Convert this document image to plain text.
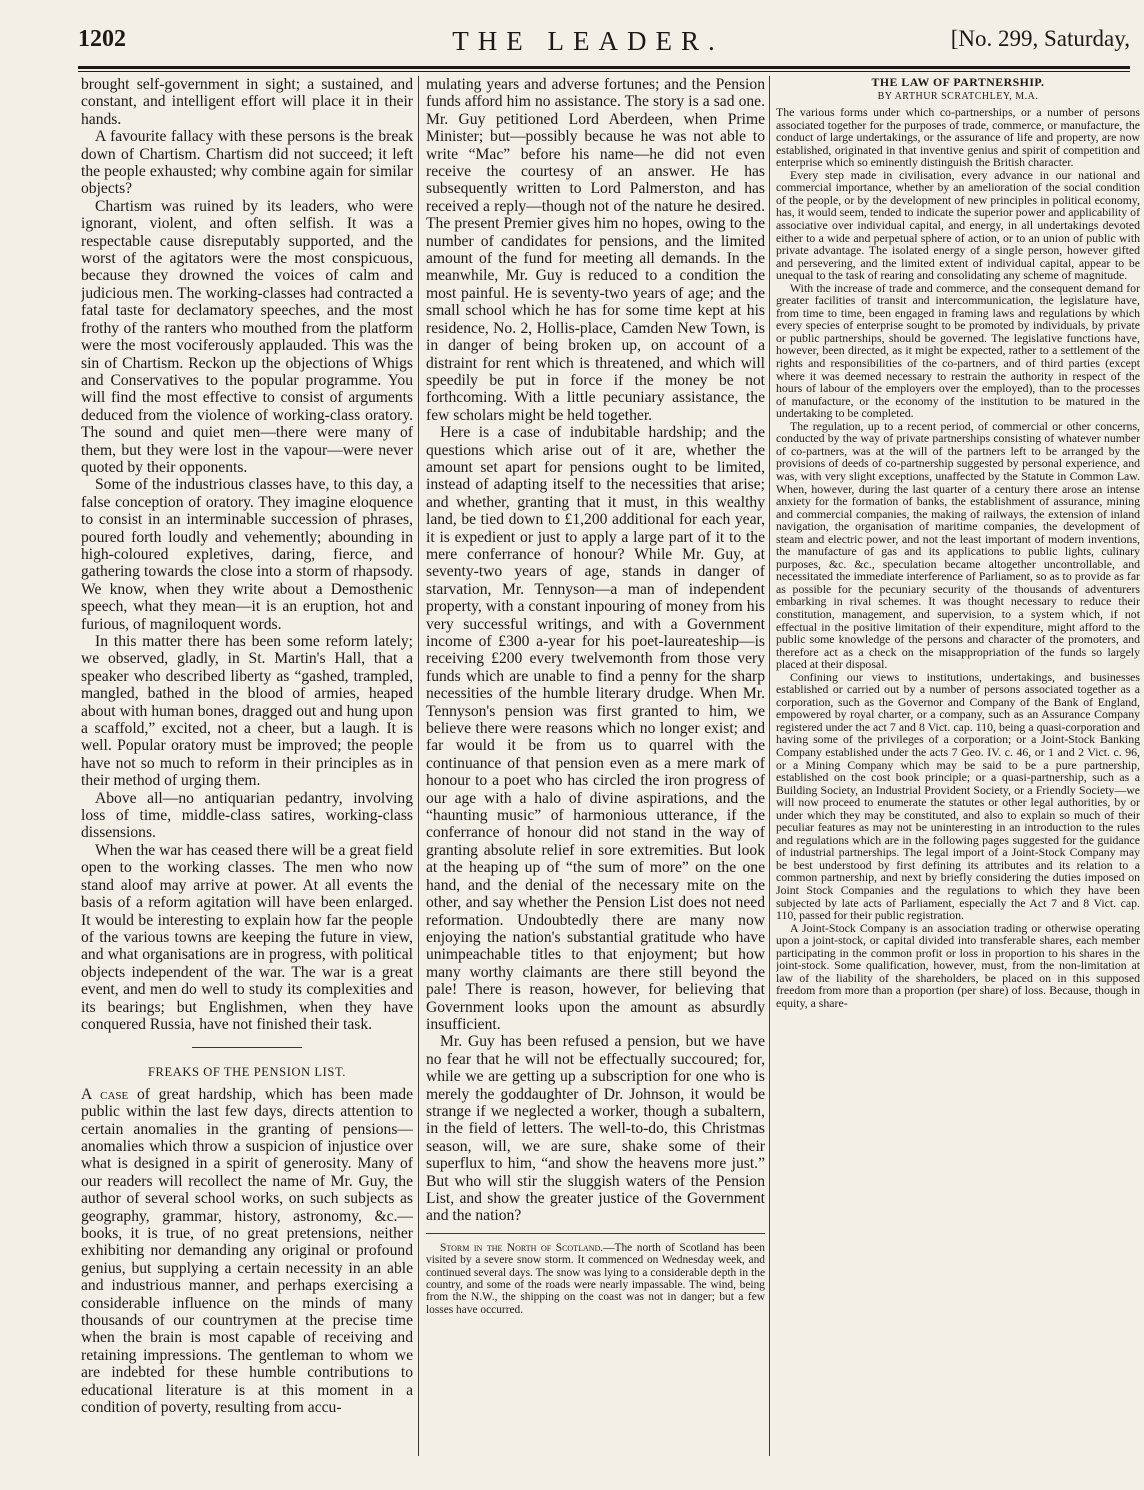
1202	THE LEADER.	[No. 299, Saturday,

brought self-government in sight; a sustained, and constant, and intelligent effort will place it in their hands.

A favourite fallacy with these persons is the break down of Chartism. Chartism did not succeed; it left the people exhausted; why combine again for similar objects?

Chartism was ruined by its leaders, who were ignorant, violent, and often selfish. It was a respectable cause disreputably supported, and the worst of the agitators were the most conspicuous, because they drowned the voices of calm and judicious men. The working-classes had contracted a fatal taste for declamatory speeches, and the most frothy of the ranters who mouthed from the platform were the most vociferously applauded. This was the sin of Chartism. Reckon up the objections of Whigs and Conservatives to the popular programme. You will find the most effective to consist of arguments deduced from the violence of working-class oratory. The sound and quiet men—there were many of them, but they were lost in the vapour—were never quoted by their opponents.

Some of the industrious classes have, to this day, a false conception of oratory. They imagine eloquence to consist in an interminable succession of phrases, poured forth loudly and vehemently; abounding in high-coloured expletives, daring, fierce, and gathering towards the close into a storm of rhapsody. We know, when they write about a Demosthenic speech, what they mean—it is an eruption, hot and furious, of magniloquent words.

In this matter there has been some reform lately; we observed, gladly, in St. Martin's Hall, that a speaker who described liberty as “gashed, trampled, mangled, bathed in the blood of armies, heaped about with human bones, dragged out and hung upon a scaffold,” excited, not a cheer, but a laugh. It is well. Popular oratory must be improved; the people have not so much to reform in their principles as in their method of urging them.

Above all—no antiquarian pedantry, involving loss of time, middle-class satires, working-class dissensions.

When the war has ceased there will be a great field open to the working classes. The men who now stand aloof may arrive at power. At all events the basis of a reform agitation will have been enlarged. It would be interesting to explain how far the people of the various towns are keeping the future in view, and what organisations are in progress, with political objects independent of the war. The war is a great event, and men do well to study its complexities and its bearings; but Englishmen, when they have conquered Russia, have not finished their task.

FREAKS OF THE PENSION LIST.

A case of great hardship, which has been made public within the last few days, directs attention to certain anomalies in the granting of pensions—anomalies which throw a suspicion of injustice over what is designed in a spirit of generosity. Many of our readers will recollect the name of Mr. Guy, the author of several school works, on such subjects as geography, grammar, history, astronomy, &c.—books, it is true, of no great pretensions, neither exhibiting nor demanding any original or profound genius, but supplying a certain necessity in an able and industrious manner, and perhaps exercising a considerable influence on the minds of many thousands of our countrymen at the precise time when the brain is most capable of receiving and retaining impressions. The gentleman to whom we are indebted for these humble contributions to educational literature is at this moment in a condition of poverty, resulting from accu-

mulating years and adverse fortunes; and the Pension funds afford him no assistance. The story is a sad one. Mr. Guy petitioned Lord Aberdeen, when Prime Minister; but—possibly because he was not able to write “Mac” before his name—he did not even receive the courtesy of an answer. He has subsequently written to Lord Palmerston, and has received a reply—though not of the nature he desired. The present Premier gives him no hopes, owing to the number of candidates for pensions, and the limited amount of the fund for meeting all demands. In the meanwhile, Mr. Guy is reduced to a condition the most painful. He is seventy-two years of age; and the small school which he has for some time kept at his residence, No. 2, Hollis-place, Camden New Town, is in danger of being broken up, on account of a distraint for rent which is threatened, and which will speedily be put in force if the money be not forthcoming. With a little pecuniary assistance, the few scholars might be held together.

Here is a case of indubitable hardship; and the questions which arise out of it are, whether the amount set apart for pensions ought to be limited, instead of adapting itself to the necessities that arise; and whether, granting that it must, in this wealthy land, be tied down to £1,200 additional for each year, it is expedient or just to apply a large part of it to the mere conferrance of honour? While Mr. Guy, at seventy-two years of age, stands in danger of starvation, Mr. Tennyson—a man of independent property, with a constant inpouring of money from his very successful writings, and with a Government income of £300 a-year for his poet-laureateship—is receiving £200 every twelvemonth from those very funds which are unable to find a penny for the sharp necessities of the humble literary drudge. When Mr. Tennyson's pension was first granted to him, we believe there were reasons which no longer exist; and far would it be from us to quarrel with the continuance of that pension even as a mere mark of honour to a poet who has circled the iron progress of our age with a halo of divine aspirations, and the “haunting music” of harmonious utterance, if the conferrance of honour did not stand in the way of granting absolute relief in sore extremities. But look at the heaping up of “the sum of more” on the one hand, and the denial of the necessary mite on the other, and say whether the Pension List does not need reformation. Undoubtedly there are many now enjoying the nation's substantial gratitude who have unimpeachable titles to that enjoyment; but how many worthy claimants are there still beyond the pale! There is reason, however, for believing that Government looks upon the amount as absurdly insufficient.

Mr. Guy has been refused a pension, but we have no fear that he will not be effectually succoured; for, while we are getting up a subscription for one who is merely the goddaughter of Dr. Johnson, it would be strange if we neglected a worker, though a subaltern, in the field of letters. The well-to-do, this Christmas season, will, we are sure, shake some of their superflux to him, “and show the heavens more just.” But who will stir the sluggish waters of the Pension List, and show the greater justice of the Government and the nation?

Storm in the North of Scotland.—The north of Scotland has been visited by a severe snow storm. It commenced on Wednesday week, and continued several days. The snow was lying to a considerable depth in the country, and some of the roads were nearly impassable. The wind, being from the N.W., the shipping on the coast was not in danger; but a few losses have occurred.

THE LAW OF PARTNERSHIP.
BY ARTHUR SCRATCHLEY, M.A.

The various forms under which co-partnerships, or a number of persons associated together for the purposes of trade, commerce, or manufacture, the conduct of large undertakings, or the assurance of life and property, are now established, originated in that inventive genius and spirit of competition and enterprise which so eminently distinguish the British character.

Every step made in civilisation, every advance in our national and commercial importance, whether by an amelioration of the social condition of the people, or by the development of new principles in political economy, has, it would seem, tended to indicate the superior power and applicability of associative over individual capital, and energy, in all undertakings devoted either to a wide and perpetual sphere of action, or to an union of public with private advantage. The isolated energy of a single person, however gifted and persevering, and the limited extent of individual capital, appear to be unequal to the task of rearing and consolidating any scheme of magnitude.

With the increase of trade and commerce, and the consequent demand for greater facilities of transit and intercommunication, the legislature have, from time to time, been engaged in framing laws and regulations by which every species of enterprise sought to be promoted by individuals, by private or public partnerships, should be governed. The legislative functions have, however, been directed, as it might be expected, rather to a settlement of the rights and responsibilities of the co-partners, and of third parties (except where it was deemed necessary to restrain the authority in respect of the hours of labour of the employers over the employed), than to the processes of manufacture, or the economy of the institution to be matured in the undertaking to be completed.

The regulation, up to a recent period, of commercial or other concerns, conducted by the way of private partnerships consisting of whatever number of co-partners, was at the will of the partners left to be arranged by the provisions of deeds of co-partnership suggested by personal experience, and was, with very slight exceptions, unaffected by the Statute in Common Law. When, however, during the last quarter of a century there arose an intense anxiety for the formation of banks, the establishment of assurance, mining and commercial companies, the making of railways, the extension of inland navigation, the organisation of maritime companies, the development of steam and electric power, and not the least important of modern inventions, the manufacture of gas and its applications to public lights, culinary purposes, &c. &c., speculation became altogether uncontrollable, and necessitated the immediate interference of Parliament, so as to provide as far as possible for the pecuniary security of the thousands of adventurers embarking in rival schemes. It was thought necessary to reduce their constitution, management, and supervision, to a system which, if not effectual in the positive limitation of their expenditure, might afford to the public some knowledge of the persons and character of the promoters, and therefore act as a check on the misappropriation of the funds so largely placed at their disposal.

Confining our views to institutions, undertakings, and businesses established or carried out by a number of persons associated together as a corporation, such as the Governor and Company of the Bank of England, empowered by royal charter, or a company, such as an Assurance Company registered under the act 7 and 8 Vict. cap. 110, being a quasi-corporation and having some of the privileges of a corporation; or a Joint-Stock Banking Company established under the acts 7 Geo. IV. c. 46, or 1 and 2 Vict. c. 96, or a Mining Company which may be said to be a pure partnership, established on the cost book principle; or a quasi-partnership, such as a Building Society, an Industrial Provident Society, or a Friendly Society—we will now proceed to enumerate the statutes or other legal authorities, by or under which they may be constituted, and also to explain so much of their peculiar features as may not be uninteresting in an introduction to the rules and regulations which are in the following pages suggested for the guidance of industrial partnerships. The legal import of a Joint-Stock Company may be best understood by first defining its attributes and its relation to a common partnership, and next by briefly considering the duties imposed on Joint Stock Companies and the regulations to which they have been subjected by late acts of Parliament, especially the Act 7 and 8 Vict. cap. 110, passed for their public registration.

A Joint-Stock Company is an association trading or otherwise operating upon a joint-stock, or capital divided into transferable shares, each member participating in the common profit or loss in proportion to his shares in the joint-stock. Some qualification, however, must, from the non-limitation at law of the liability of the shareholders, be placed on in this supposed freedom from more than a proportion (per share) of loss. Because, though in equity, a share-
